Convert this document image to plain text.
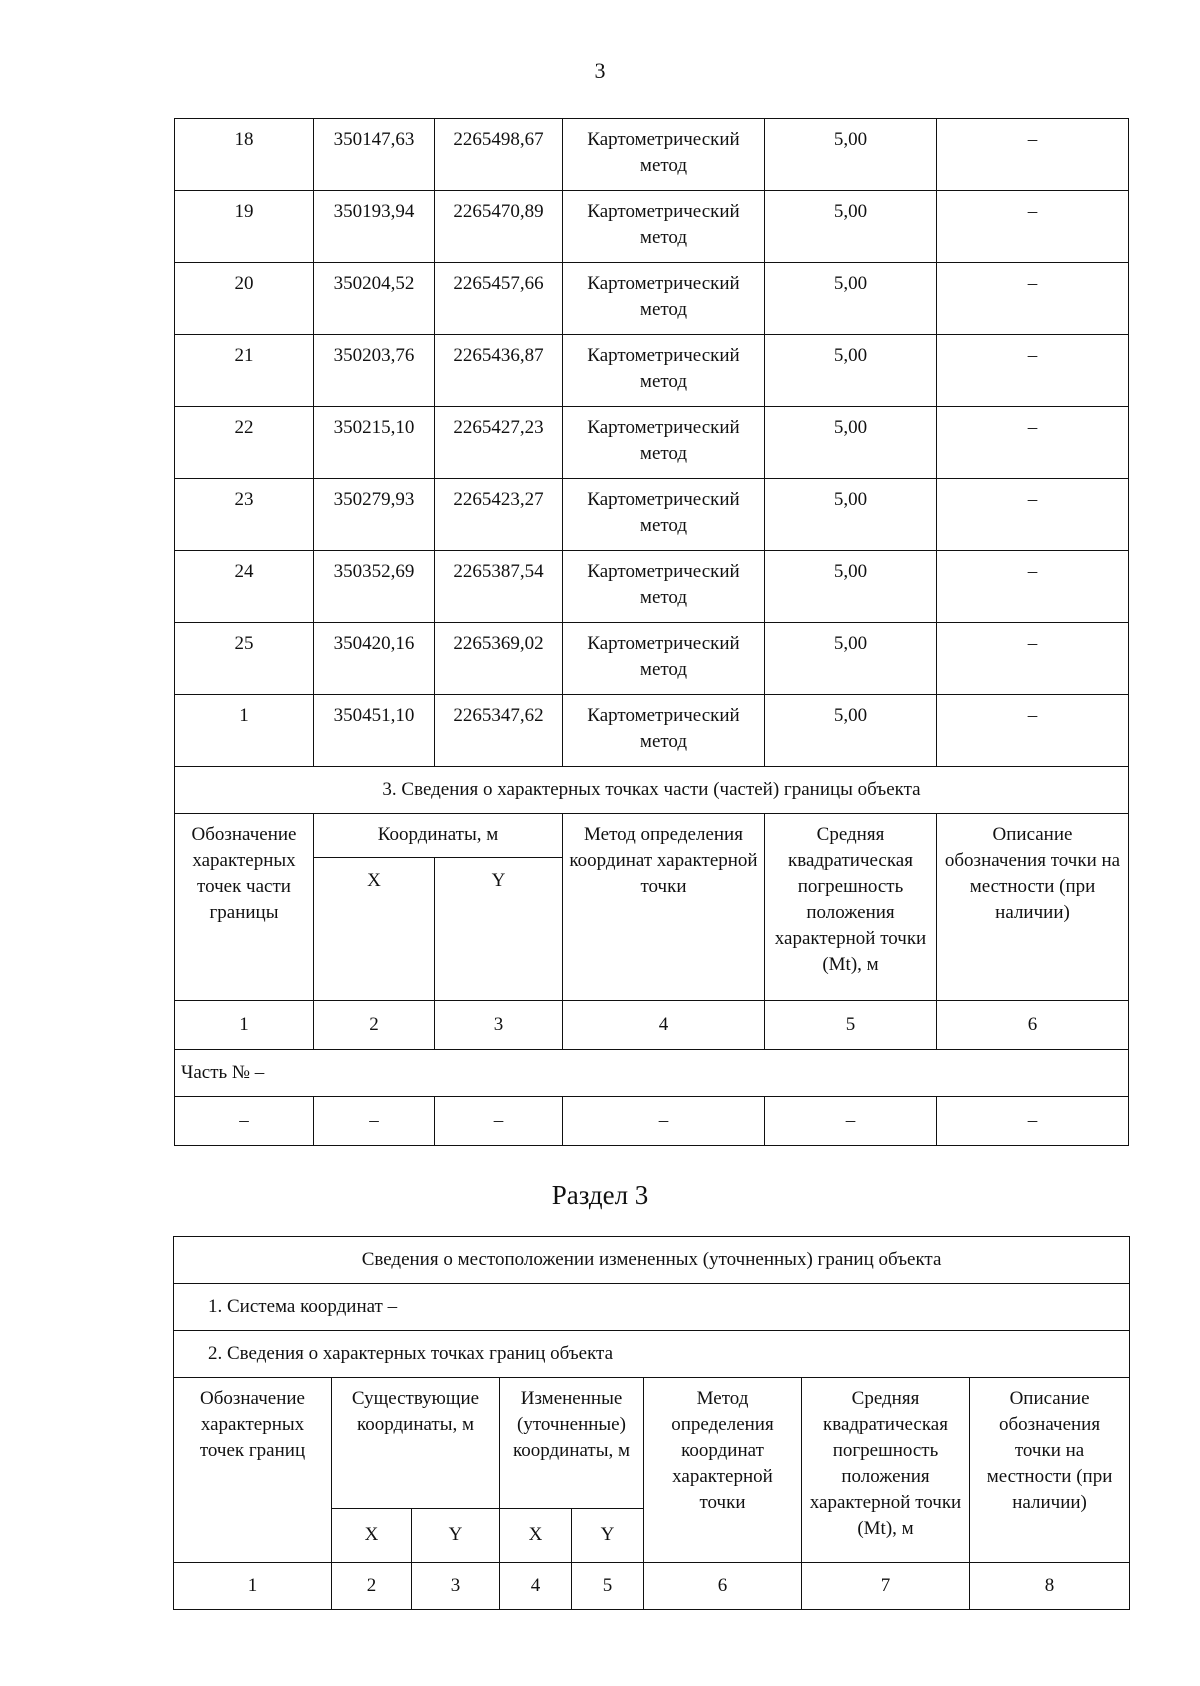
3
18	350147,63	2265498,67	Картометрический метод	5,00	–
19	350193,94	2265470,89	Картометрический метод	5,00	–
20	350204,52	2265457,66	Картометрический метод	5,00	–
21	350203,76	2265436,87	Картометрический метод	5,00	–
22	350215,10	2265427,23	Картометрический метод	5,00	–
23	350279,93	2265423,27	Картометрический метод	5,00	–
24	350352,69	2265387,54	Картометрический метод	5,00	–
25	350420,16	2265369,02	Картометрический метод	5,00	–
1	350451,10	2265347,62	Картометрический метод	5,00	–
3. Сведения о характерных точках части (частей) границы объекта					
Обозначение характерных точек части границы	Координаты, м		Метод определения координат характерной точки	Средняя квадратическая погрешность положения характерной точки (Mt), м	Описание обозначения точки на местности (при наличии)
	X	Y			
1	2	3	4	5	6
Часть № –					
–	–	–	–	–	–
Раздел 3
Сведения о местоположении измененных (уточненных) границ объекта							
1. Система координат –							
2. Сведения о характерных точках границ объекта							
Обозначение характерных точек границ	Существующие координаты, м		Измененные (уточненные) координаты, м		Метод определения координат характерной точки	Средняя квадратическая погрешность положения характерной точки (Mt), м	Описание обозначения точки на местности (при наличии)
	X	Y	X	Y			
1	2	3	4	5	6	7	8
